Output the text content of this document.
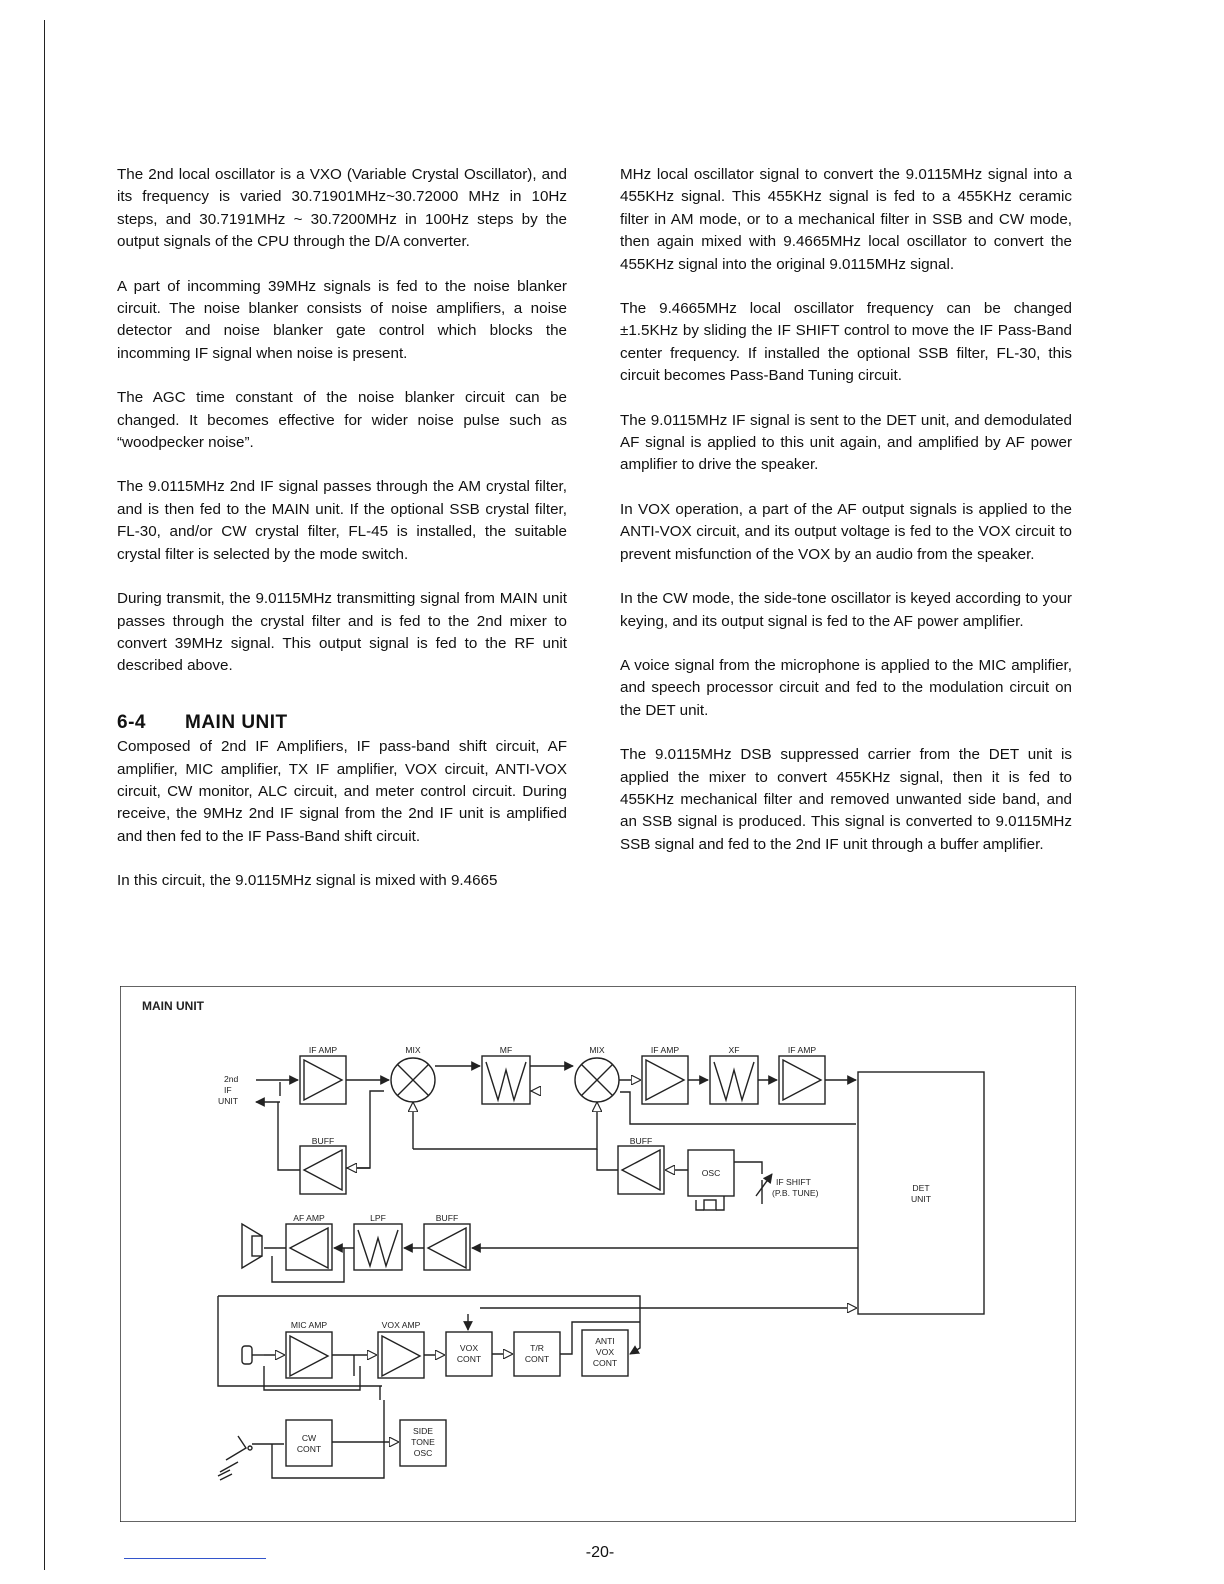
The 2nd local oscillator is a VXO (Variable Crystal Oscillator), and its frequency is varied 30.71901MHz~30.72000 MHz in 10Hz steps, and 30.7191MHz ~ 30.7200MHz in 100Hz steps by the output signals of the CPU through the D/A converter.

A part of incomming 39MHz signals is fed to the noise blanker circuit. The noise blanker consists of noise amplifiers, a noise detector and noise blanker gate control which blocks the incomming IF signal when noise is present.

The AGC time constant of the noise blanker circuit can be changed. It becomes effective for wider noise pulse such as “woodpecker noise”.

The 9.0115MHz 2nd IF signal passes through the AM crystal filter, and is then fed to the MAIN unit. If the optional SSB crystal filter, FL-30, and/or CW crystal filter, FL-45 is installed, the suitable crystal filter is selected by the mode switch.

During transmit, the 9.0115MHz transmitting signal from MAIN unit passes through the crystal filter and is fed to the 2nd mixer to convert 39MHz signal. This output signal is fed to the RF unit described above.

6-4 MAIN UNIT

Composed of 2nd IF Amplifiers, IF pass-band shift circuit, AF amplifier, MIC amplifier, TX IF amplifier, VOX circuit, ANTI-VOX circuit, CW monitor, ALC circuit, and meter control circuit. During receive, the 9MHz 2nd IF signal from the 2nd IF unit is amplified and then fed to the IF Pass-Band shift circuit.

In this circuit, the 9.0115MHz signal is mixed with 9.4665

MHz local oscillator signal to convert the 9.0115MHz signal into a 455KHz signal. This 455KHz signal is fed to a 455KHz ceramic filter in AM mode, or to a mechanical filter in SSB and CW mode, then again mixed with 9.4665MHz local oscillator to convert the 455KHz signal into the original 9.0115MHz signal.

The 9.4665MHz local oscillator frequency can be changed ±1.5KHz by sliding the IF SHIFT control to move the IF Pass-Band center frequency. If installed the optional SSB filter, FL-30, this circuit becomes Pass-Band Tuning circuit.

The 9.0115MHz IF signal is sent to the DET unit, and demodulated AF signal is applied to this unit again, and amplified by AF power amplifier to drive the speaker.

In VOX operation, a part of the AF output signals is applied to the ANTI-VOX circuit, and its output voltage is fed to the VOX circuit to prevent misfunction of the VOX by an audio from the speaker.

In the CW mode, the side-tone oscillator is keyed according to your keying, and its output signal is fed to the AF power amplifier.

A voice signal from the microphone is applied to the MIC amplifier, and speech processor circuit and fed to the modulation circuit on the DET unit.

The 9.0115MHz DSB suppressed carrier from the DET unit is applied the mixer to convert 455KHz signal, then it is fed to 455KHz mechanical filter and removed unwanted side band, and an SSB signal is produced. This signal is converted to 9.0115MHz SSB signal and fed to the 2nd IF unit through a buffer amplifier.

MAIN UNIT
IF AMP	MIX	MF	MIX	IF AMP	XF	IF AMP
BUFF	BUFF
OSC
DET
UNIT
AF AMP	LPF	BUFF
MIC AMP	VOX AMP
VOX
CONT
T/R
CONT
ANTI
VOX
CONT
CW
CONT
SIDE
TONE
OSC
2nd
IF
UNIT
IF SHIFT
(P.B. TUNE)
-20-
